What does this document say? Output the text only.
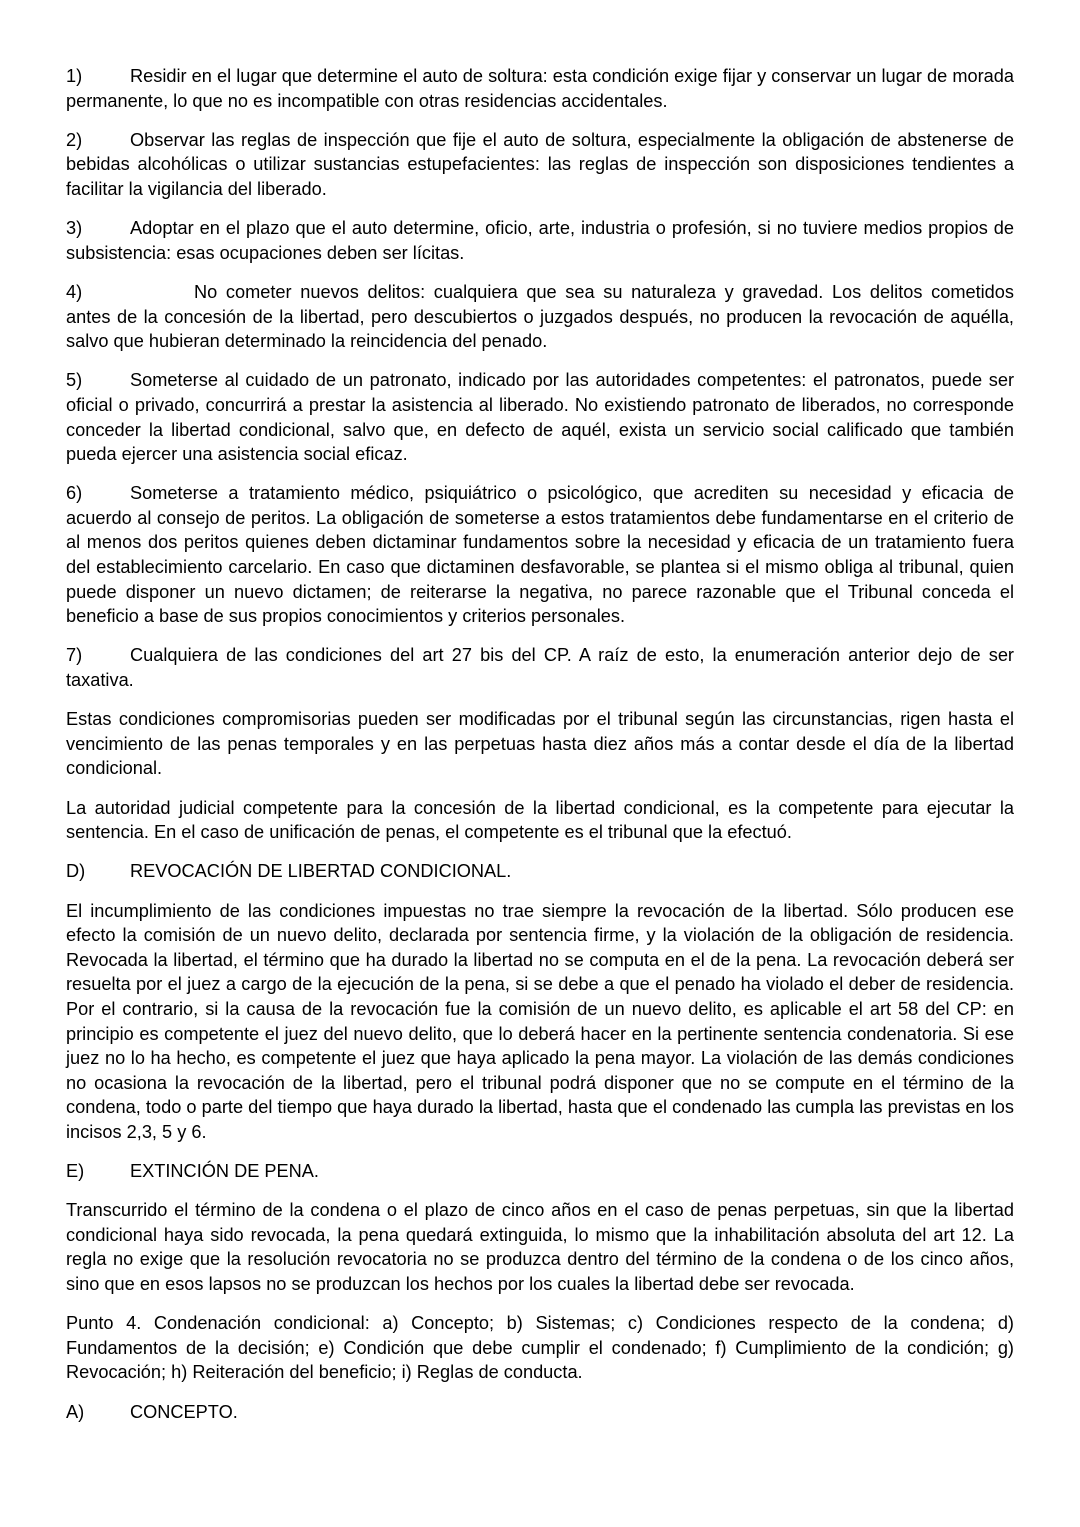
1)	Residir en el lugar que determine el auto de soltura: esta condición exige fijar y conservar un lugar de morada permanente, lo que no es incompatible con otras residencias accidentales.

2)	Observar las reglas de inspección que fije el auto de soltura, especialmente la obligación de abstenerse de bebidas alcohólicas o utilizar sustancias estupefacientes: las reglas de inspección son disposiciones tendientes a facilitar la vigilancia del liberado.

3)	Adoptar en el plazo que el auto determine, oficio, arte, industria o profesión, si no tuviere medios propios de subsistencia: esas ocupaciones deben ser lícitas.

4)	No cometer nuevos delitos: cualquiera que sea su naturaleza y gravedad. Los delitos cometidos antes de la concesión de la libertad, pero descubiertos o juzgados después, no producen la revocación de aquélla, salvo que hubieran determinado la reincidencia del penado.

5)	Someterse al cuidado de un patronato, indicado por las autoridades competentes: el patronatos, puede ser oficial o privado, concurrirá a prestar la asistencia al liberado. No existiendo patronato de liberados, no corresponde conceder la libertad condicional, salvo que, en defecto de aquél, exista un servicio social calificado que también pueda ejercer una asistencia social eficaz.

6)	Someterse a tratamiento médico, psiquiátrico o psicológico, que acrediten su necesidad y eficacia de acuerdo al consejo de peritos. La obligación de someterse a estos tratamientos debe fundamentarse en el criterio de al menos dos peritos quienes deben dictaminar fundamentos sobre la necesidad y eficacia de un tratamiento fuera del establecimiento carcelario. En caso que dictaminen desfavorable, se plantea si el mismo obliga al tribunal, quien puede disponer un nuevo dictamen; de reiterarse la negativa, no parece razonable que el Tribunal conceda el beneficio a base de sus propios conocimientos y criterios personales.

7)	Cualquiera de las condiciones del art 27 bis del CP. A raíz de esto, la enumeración anterior dejo de ser taxativa.

Estas condiciones compromisorias pueden ser modificadas por el tribunal según las circunstancias, rigen hasta el vencimiento de las penas temporales y en las perpetuas hasta diez años más a contar desde el día de la libertad condicional.

La autoridad judicial competente para la concesión de la libertad condicional, es la competente para ejecutar la sentencia. En el caso de unificación de penas, el competente es el tribunal que la efectuó.

D) REVOCACIÓN DE LIBERTAD CONDICIONAL.

El incumplimiento de las condiciones impuestas no trae siempre la revocación de la libertad. Sólo producen ese efecto la comisión de un nuevo delito, declarada por sentencia firme, y la violación de la obligación de residencia. Revocada la libertad, el término que ha durado la libertad no se computa en el de la pena. La revocación deberá ser resuelta por el juez a cargo de la ejecución de la pena, si se debe a que el penado ha violado el deber de residencia. Por el contrario, si la causa de la revocación fue la comisión de un nuevo delito, es aplicable el art 58 del CP: en principio es competente el juez del nuevo delito, que lo deberá hacer en la pertinente sentencia condenatoria. Si ese juez no lo ha hecho, es competente el juez que haya aplicado la pena mayor. La violación de las demás condiciones no ocasiona la revocación de la libertad, pero el tribunal podrá disponer que no se compute en el término de la condena, todo o parte del tiempo que haya durado la libertad, hasta que el condenado las cumpla las previstas en los incisos 2,3, 5 y 6.

E)	EXTINCIÓN DE PENA.

Transcurrido el término de la condena o el plazo de cinco años en el caso de penas perpetuas, sin que la libertad condicional haya sido revocada, la pena quedará extinguida, lo mismo que la inhabilitación absoluta del art 12. La regla no exige que la resolución revocatoria no se produzca dentro del término de la condena o de los cinco años, sino que en esos lapsos no se produzcan los hechos por los cuales la libertad debe ser revocada.

Punto 4. Condenación condicional: a) Concepto; b) Sistemas; c) Condiciones respecto de la condena; d) Fundamentos de la decisión; e) Condición que debe cumplir el condenado; f) Cumplimiento de la condición; g) Revocación; h) Reiteración del beneficio; i) Reglas de conducta.

A)	CONCEPTO.
